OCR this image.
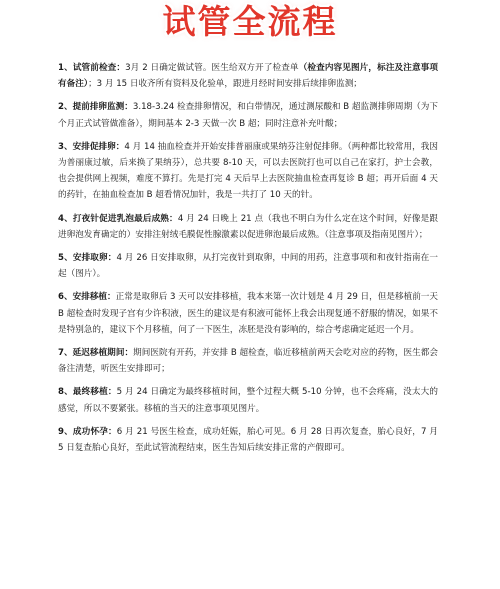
试管全流程

1、试管前检查：3月 2 日确定做试管。医生给双方开了检查单（检查内容见图片，标注及注意事项有备注）；3 月 15 日收齐所有资料及化验单，跟进月经时间安排后续排卵监测；

2、提前排卵监测：3.18-3.24 检查排卵情况，和白带情况，通过测尿酸和 B 超监测排卵周期（为下个月正式试管做准备），期间基本 2-3 天做一次 B 超；同时注意补充叶酸；

3、安排促排卵：4 月 14 抽血检查并开始安排普丽康或果纳芬注射促排卵。（两种都比较常用，我因为普丽康过敏，后来换了果纳芬），总共要 8-10 天，可以去医院打也可以自己在家打，护士会教，也会提供网上视频，难度不算打。先是打完 4 天后早上去医院抽血检查再复诊 B 超；再开后面 4 天的药针，在抽血检查加 B 超看情况加针，我是一共打了 10 天的针。

4、打夜针促进乳泡最后成熟：4 月 24 日晚上 21 点（我也不明白为什么定在这个时间，好像是跟进卵泡发育确定的）安排注射绒毛膜促性腺激素以促进卵泡最后成熟。（注意事项及指南见图片）；

5、安排取卵：4 月 26 日安排取卵，从打完夜针到取卵，中间的用药，注意事项和和夜针指南在一起（图片）。

6、安排移植：正常是取卵后 3 天可以安排移植，我本来第一次计划是 4 月 29 日，但是移植前一天 B 超检查时发现子宫有少许积液，医生的建议是有积液可能怀上我会出现复通不舒服的情况，如果不是特别急的，建议下个月移植，问了一下医生，冻胚是没有影响的，综合考虑确定延迟一个月。

7、延迟移植期间：期间医院有开药，并安排 B 超检查，临近移植前两天会吃对应的药物，医生都会备注清楚，听医生安排即可；

8、最终移植：5 月 24 日确定为最终移植时间，整个过程大概 5-10 分钟，也不会疼痛，没太大的感觉，所以不要紧张。移植的当天的注意事项见图片。

9、成功怀孕：6 月 21 号医生检查，成功妊娠，胎心可见。6 月 28 日再次复查，胎心良好，7 月 5 日复查胎心良好，至此试管流程结束，医生告知后续安排正常的产假即可。
